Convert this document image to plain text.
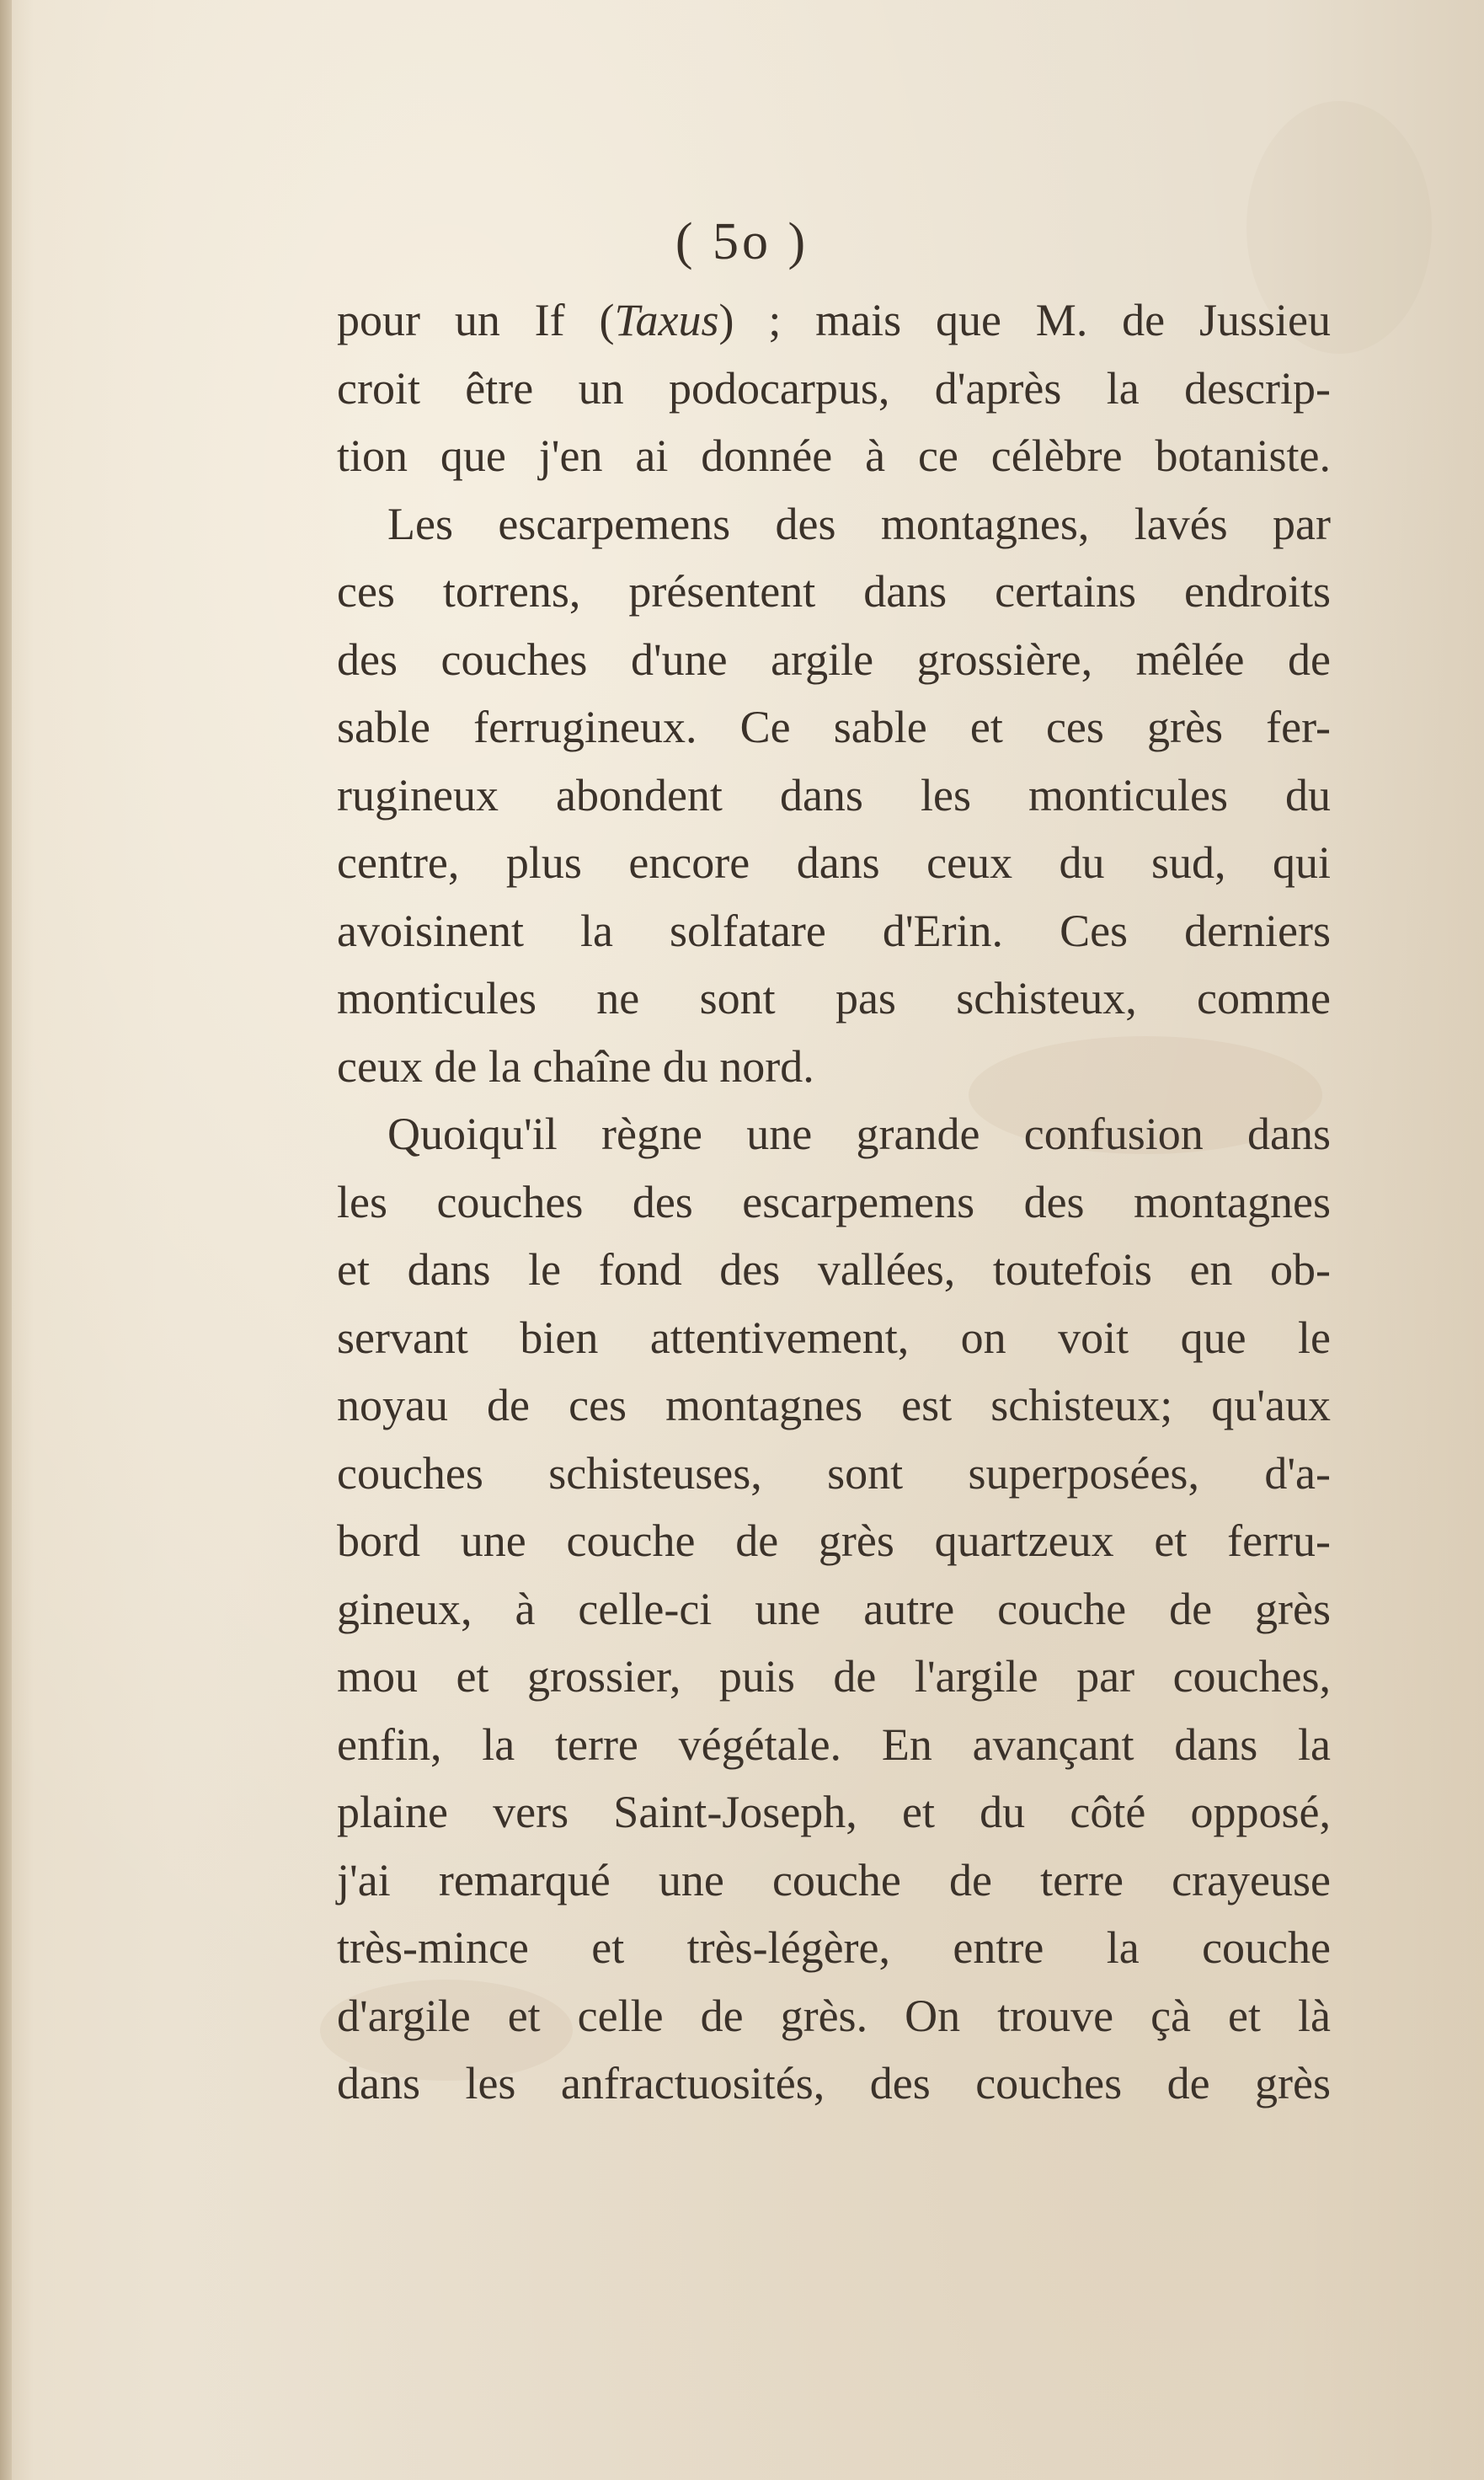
( 5o )
pour un If (Taxus) ; mais que M. de Jussieu
croit être un podocarpus, d'après la descrip-
tion que j'en ai donnée à ce célèbre botaniste.
Les escarpemens des montagnes, lavés par
ces torrens, présentent dans certains endroits
des couches d'une argile grossière, mêlée de
sable ferrugineux. Ce sable et ces grès fer-
rugineux abondent dans les monticules du
centre, plus encore dans ceux du sud, qui
avoisinent la solfatare d'Erin. Ces derniers
monticules ne sont pas schisteux, comme
ceux de la chaîne du nord.
Quoiqu'il règne une grande confusion dans
les couches des escarpemens des montagnes
et dans le fond des vallées, toutefois en ob-
servant bien attentivement, on voit que le
noyau de ces montagnes est schisteux; qu'aux
couches schisteuses, sont superposées, d'a-
bord une couche de grès quartzeux et ferru-
gineux, à celle-ci une autre couche de grès
mou et grossier, puis de l'argile par couches,
enfin, la terre végétale. En avançant dans la
plaine vers Saint-Joseph, et du côté opposé,
j'ai remarqué une couche de terre crayeuse
très-mince et très-légère, entre la couche
d'argile et celle de grès. On trouve çà et là
dans les anfractuosités, des couches de grès
